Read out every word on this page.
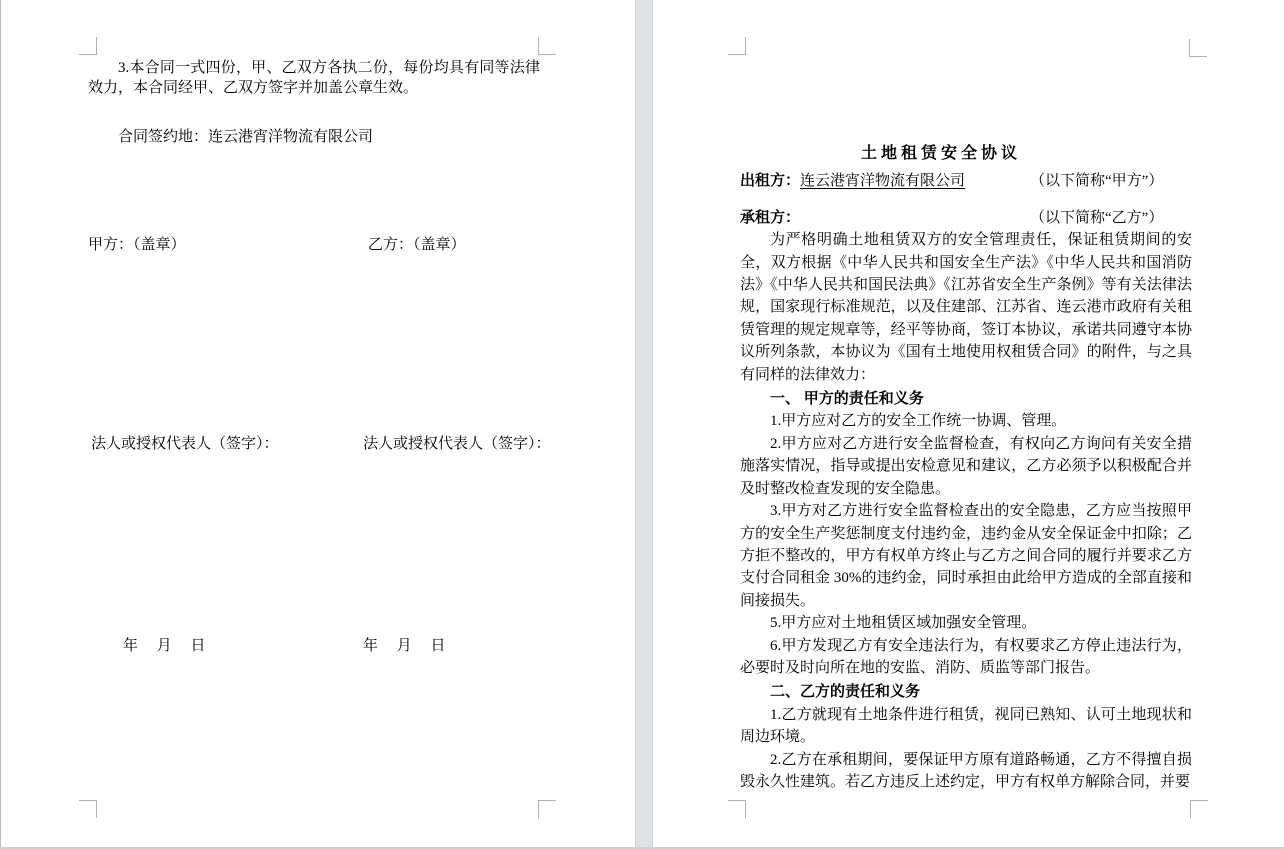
3.本合同一式四份，甲、乙双方各执二份，每份均具有同等法律效力，本合同经甲、乙双方签字并加盖公章生效。
合同签约地：连云港宵洋物流有限公司
甲方：（盖章）	乙方：（盖章）
法人或授权代表人（签字）：	法人或授权代表人（签字）：
年　 月　 日	年　 月　 日

土地租赁安全协议

出租方：连云港宵洋物流有限公司	（以下简称“甲方”）

承租方：	（以下简称“乙方”）

为严格明确土地租赁双方的安全管理责任，保证租赁期间的安全，双方根据《中华人民共和国安全生产法》《中华人民共和国消防法》《中华人民共和国民法典》《江苏省安全生产条例》等有关法律法规，国家现行标准规范，以及住建部、江苏省、连云港市政府有关租赁管理的规定规章等，经平等协商，签订本协议，承诺共同遵守本协议所列条款，本协议为《国有土地使用权租赁合同》的附件，与之具有同样的法律效力：

一、 甲方的责任和义务

1.甲方应对乙方的安全工作统一协调、管理。

2.甲方应对乙方进行安全监督检查，有权向乙方询问有关安全措施落实情况，指导或提出安检意见和建议，乙方必须予以积极配合并及时整改检查发现的安全隐患。

3.甲方对乙方进行安全监督检查出的安全隐患，乙方应当按照甲方的安全生产奖惩制度支付违约金，违约金从安全保证金中扣除；乙方拒不整改的，甲方有权单方终止与乙方之间合同的履行并要求乙方支付合同租金 30%的违约金，同时承担由此给甲方造成的全部直接和间接损失。

5.甲方应对土地租赁区域加强安全管理。

6.甲方发现乙方有安全违法行为，有权要求乙方停止违法行为，必要时及时向所在地的安监、消防、质监等部门报告。

二、乙方的责任和义务

1.乙方就现有土地条件进行租赁，视同已熟知、认可土地现状和周边环境。

2.乙方在承租期间，要保证甲方原有道路畅通，乙方不得擅自损毁永久性建筑。若乙方违反上述约定，甲方有权单方解除合同，并要
